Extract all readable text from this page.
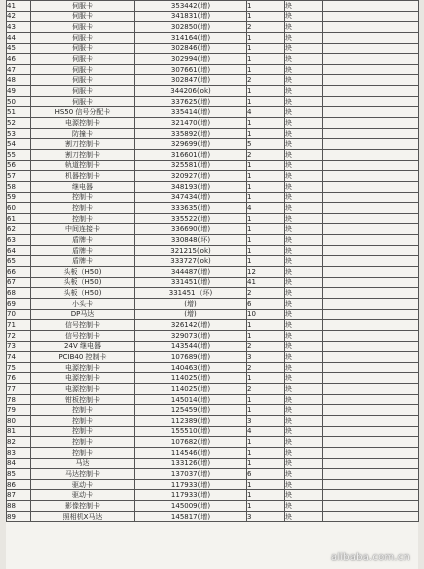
41	伺服卡	353442(增)	1	块	
42	伺服卡	341831(增)	1	块	
43	伺服卡	302850(增)	2	块	
44	伺服卡	314164(增)	1	块	
45	伺服卡	302846(增)	1	块	
46	伺服卡	302994(增)	1	块	
47	伺服卡	307661(增)	1	块	
48	伺服卡	302847(增)	2	块	
49	伺服卡	344206(ok)	1	块	
50	伺服卡	337625(增)	1	块	
51	HS50 信号分配卡	335414(增)	4	块	
52	电源控制卡	321470(增)	1	块	
53	防撞卡	335892(增)	1	块	
54	割刀控制卡	329699(增)	5	块	
55	割刀控制卡	316601(增)	2	块	
56	轨道控制卡	325581(增)	1	块	
57	机器控制卡	320927(增)	1	块	
58	继电器	348193(增)	1	块	
59	控制卡	347434(增)	1	块	
60	控制卡	333635(增)	4	块	
61	控制卡	335522(增)	1	块	
62	中间连接卡	336690(增)	1	块	
63	盾牌卡	330848(坏)	1	块	
64	盾牌卡	321215(ok)	1	块	
65	盾牌卡	333727(ok)	1	块	
66	头板（H50)	344487(增)	12	块	
67	头板（H50)	331451(增)	41	块	
68	头板（H50)	331451（坏)	2	块	
69	小头卡	(增)	6	块	
70	DP马达	(增)	10	块	
71	信号控制卡	326142(增)	1	块	
72	信号控制卡	329073(增)	1	块	
73	24V 继电器	143544(增)	2	块	
74	PCIB40 控制卡	107689(增)	3	块	
75	电源控制卡	140463(增)	2	块	
76	电源控制卡	114025(增)	1	块	
77	电源控制卡	114025(增)	2	块	
78	钳板控制卡	145014(增)	1	块	
79	控制卡	125459(增)	1	块	
80	控制卡	112389(增)	3	块	
81	控制卡	155510(增)	4	块	
82	控制卡	107682(增)	1	块	
83	控制卡	114546(增)	1	块	
84	马达	133126(增)	1	块	
85	马达控制卡	137037(增)	6	块	
86	驱动卡	117933(增)	1	块	
87	驱动卡	117933(增)	1	块	
88	影像控制卡	145009(增)	1	块	
89	照相机X马达	145817(增)	3	块	
alibaba.com.cn
